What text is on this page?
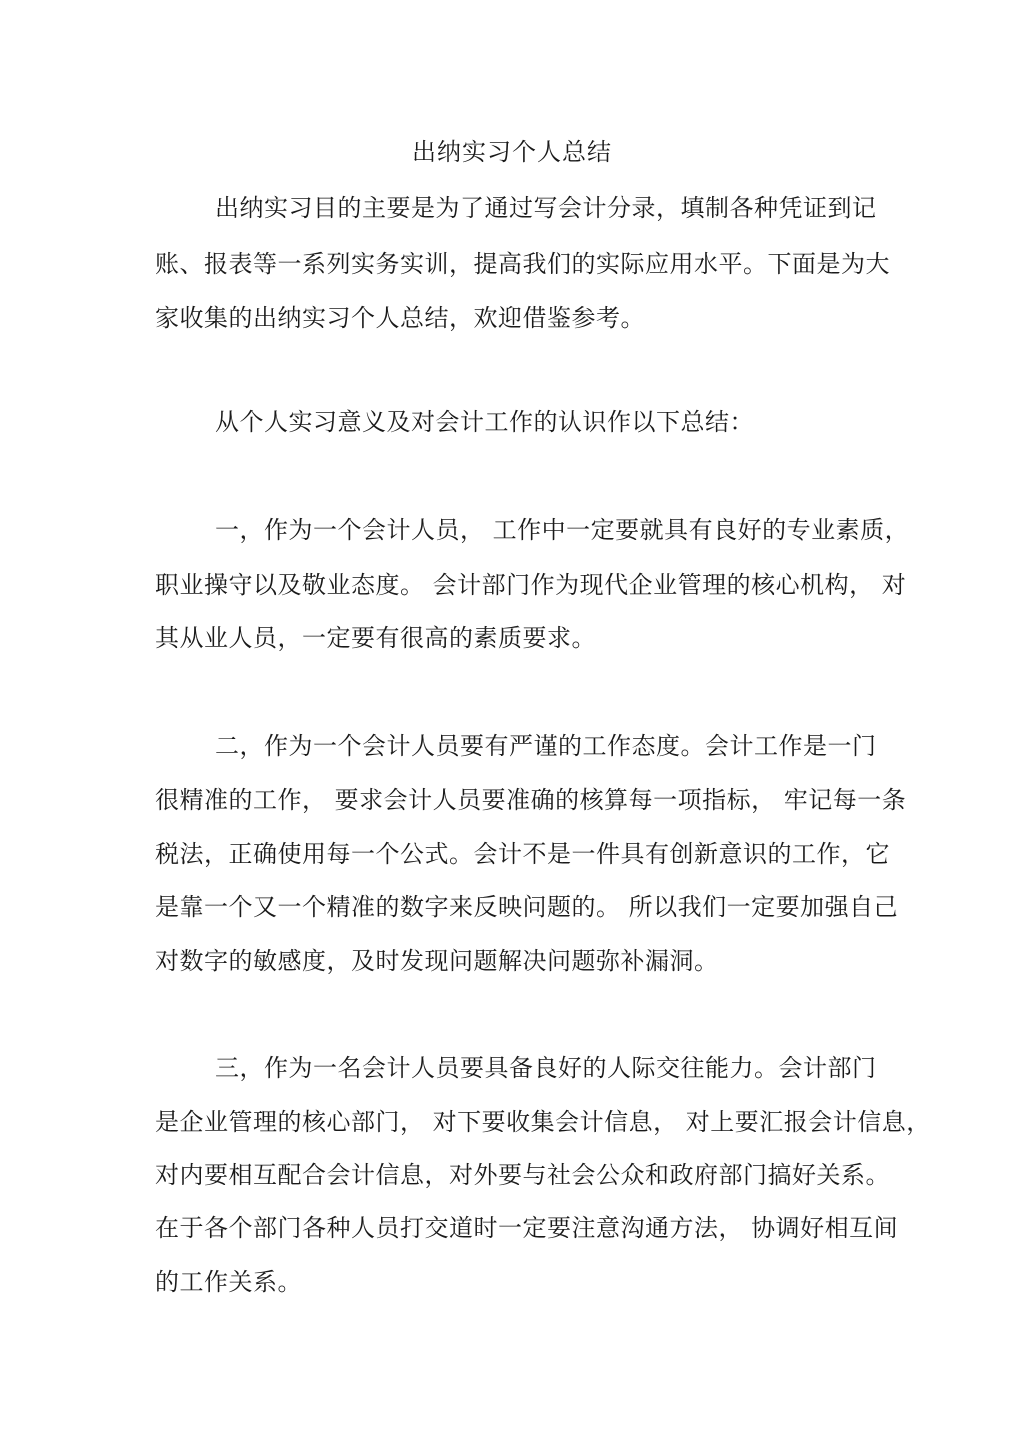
出纳实习个人总结
出纳实习目的主要是为了通过写会计分录，填制各种凭证到记
账、报表等一系列实务实训，提高我们的实际应用水平。下面是为大
家收集的出纳实习个人总结，欢迎借鉴参考。
从个人实习意义及对会计工作的认识作以下总结：
一，作为一个会计人员， 工作中一定要就具有良好的专业素质，
职业操守以及敬业态度。 会计部门作为现代企业管理的核心机构， 对
其从业人员，一定要有很高的素质要求。
二，作为一个会计人员要有严谨的工作态度。会计工作是一门
很精准的工作， 要求会计人员要准确的核算每一项指标， 牢记每一条
税法，正确使用每一个公式。会计不是一件具有创新意识的工作，它
是靠一个又一个精准的数字来反映问题的。 所以我们一定要加强自己
对数字的敏感度，及时发现问题解决问题弥补漏洞。
三，作为一名会计人员要具备良好的人际交往能力。会计部门
是企业管理的核心部门， 对下要收集会计信息， 对上要汇报会计信息，
对内要相互配合会计信息，对外要与社会公众和政府部门搞好关系。
在于各个部门各种人员打交道时一定要注意沟通方法， 协调好相互间
的工作关系。
